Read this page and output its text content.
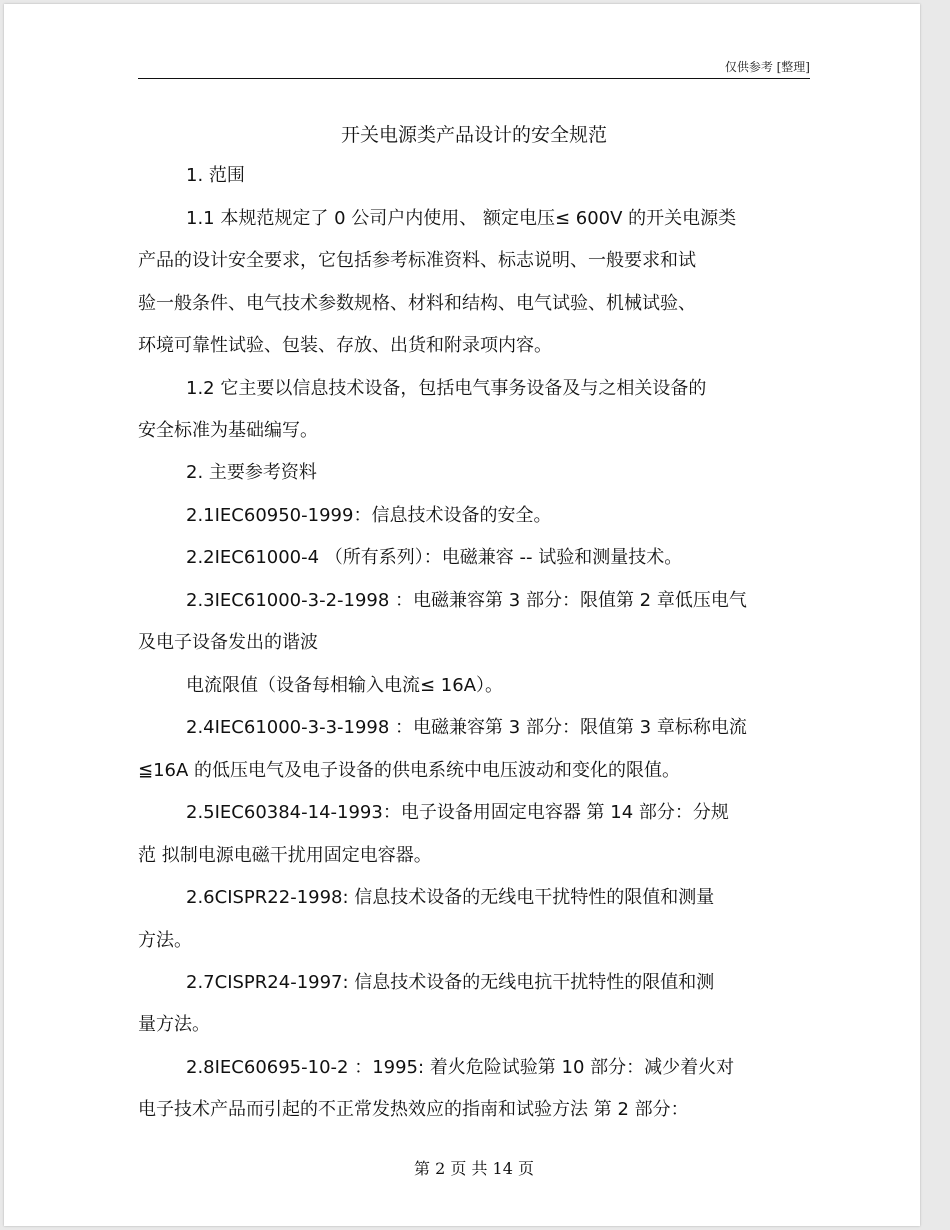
仅供参考 [整理]
开关电源类产品设计的安全规范
1. 范围
1.1 本规范规定了 0 公司户内使用、 额定电压≤ 600V 的开关电源类
产品的设计安全要求，它包括参考标准资料、标志说明、一般要求和试
验一般条件、电气技术参数规格、材料和结构、电气试验、机械试验、
环境可靠性试验、包装、存放、出货和附录项内容。
1.2 它主要以信息技术设备，包括电气事务设备及与之相关设备的
安全标准为基础编写。
2. 主要参考资料
2.1IEC60950-1999：信息技术设备的安全。
2.2IEC61000-4 （所有系列）：电磁兼容 -- 试验和测量技术。
2.3IEC61000-3-2-1998 ：电磁兼容第 3 部分：限值第 2 章低压电气
及电子设备发出的谐波
电流限值（设备每相输入电流≤ 16A）。
2.4IEC61000-3-3-1998 ：电磁兼容第 3 部分：限值第 3 章标称电流
≦16A 的低压电气及电子设备的供电系统中电压波动和变化的限值。
2.5IEC60384-14-1993：电子设备用固定电容器 第 14 部分：分规
范 拟制电源电磁干扰用固定电容器。
2.6CISPR22-1998: 信息技术设备的无线电干扰特性的限值和测量
方法。
2.7CISPR24-1997: 信息技术设备的无线电抗干扰特性的限值和测
量方法。
2.8IEC60695-10-2 ：1995: 着火危险试验第 10 部分：减少着火对
电子技术产品而引起的不正常发热效应的指南和试验方法 第 2 部分：
第 2 页 共 14 页
